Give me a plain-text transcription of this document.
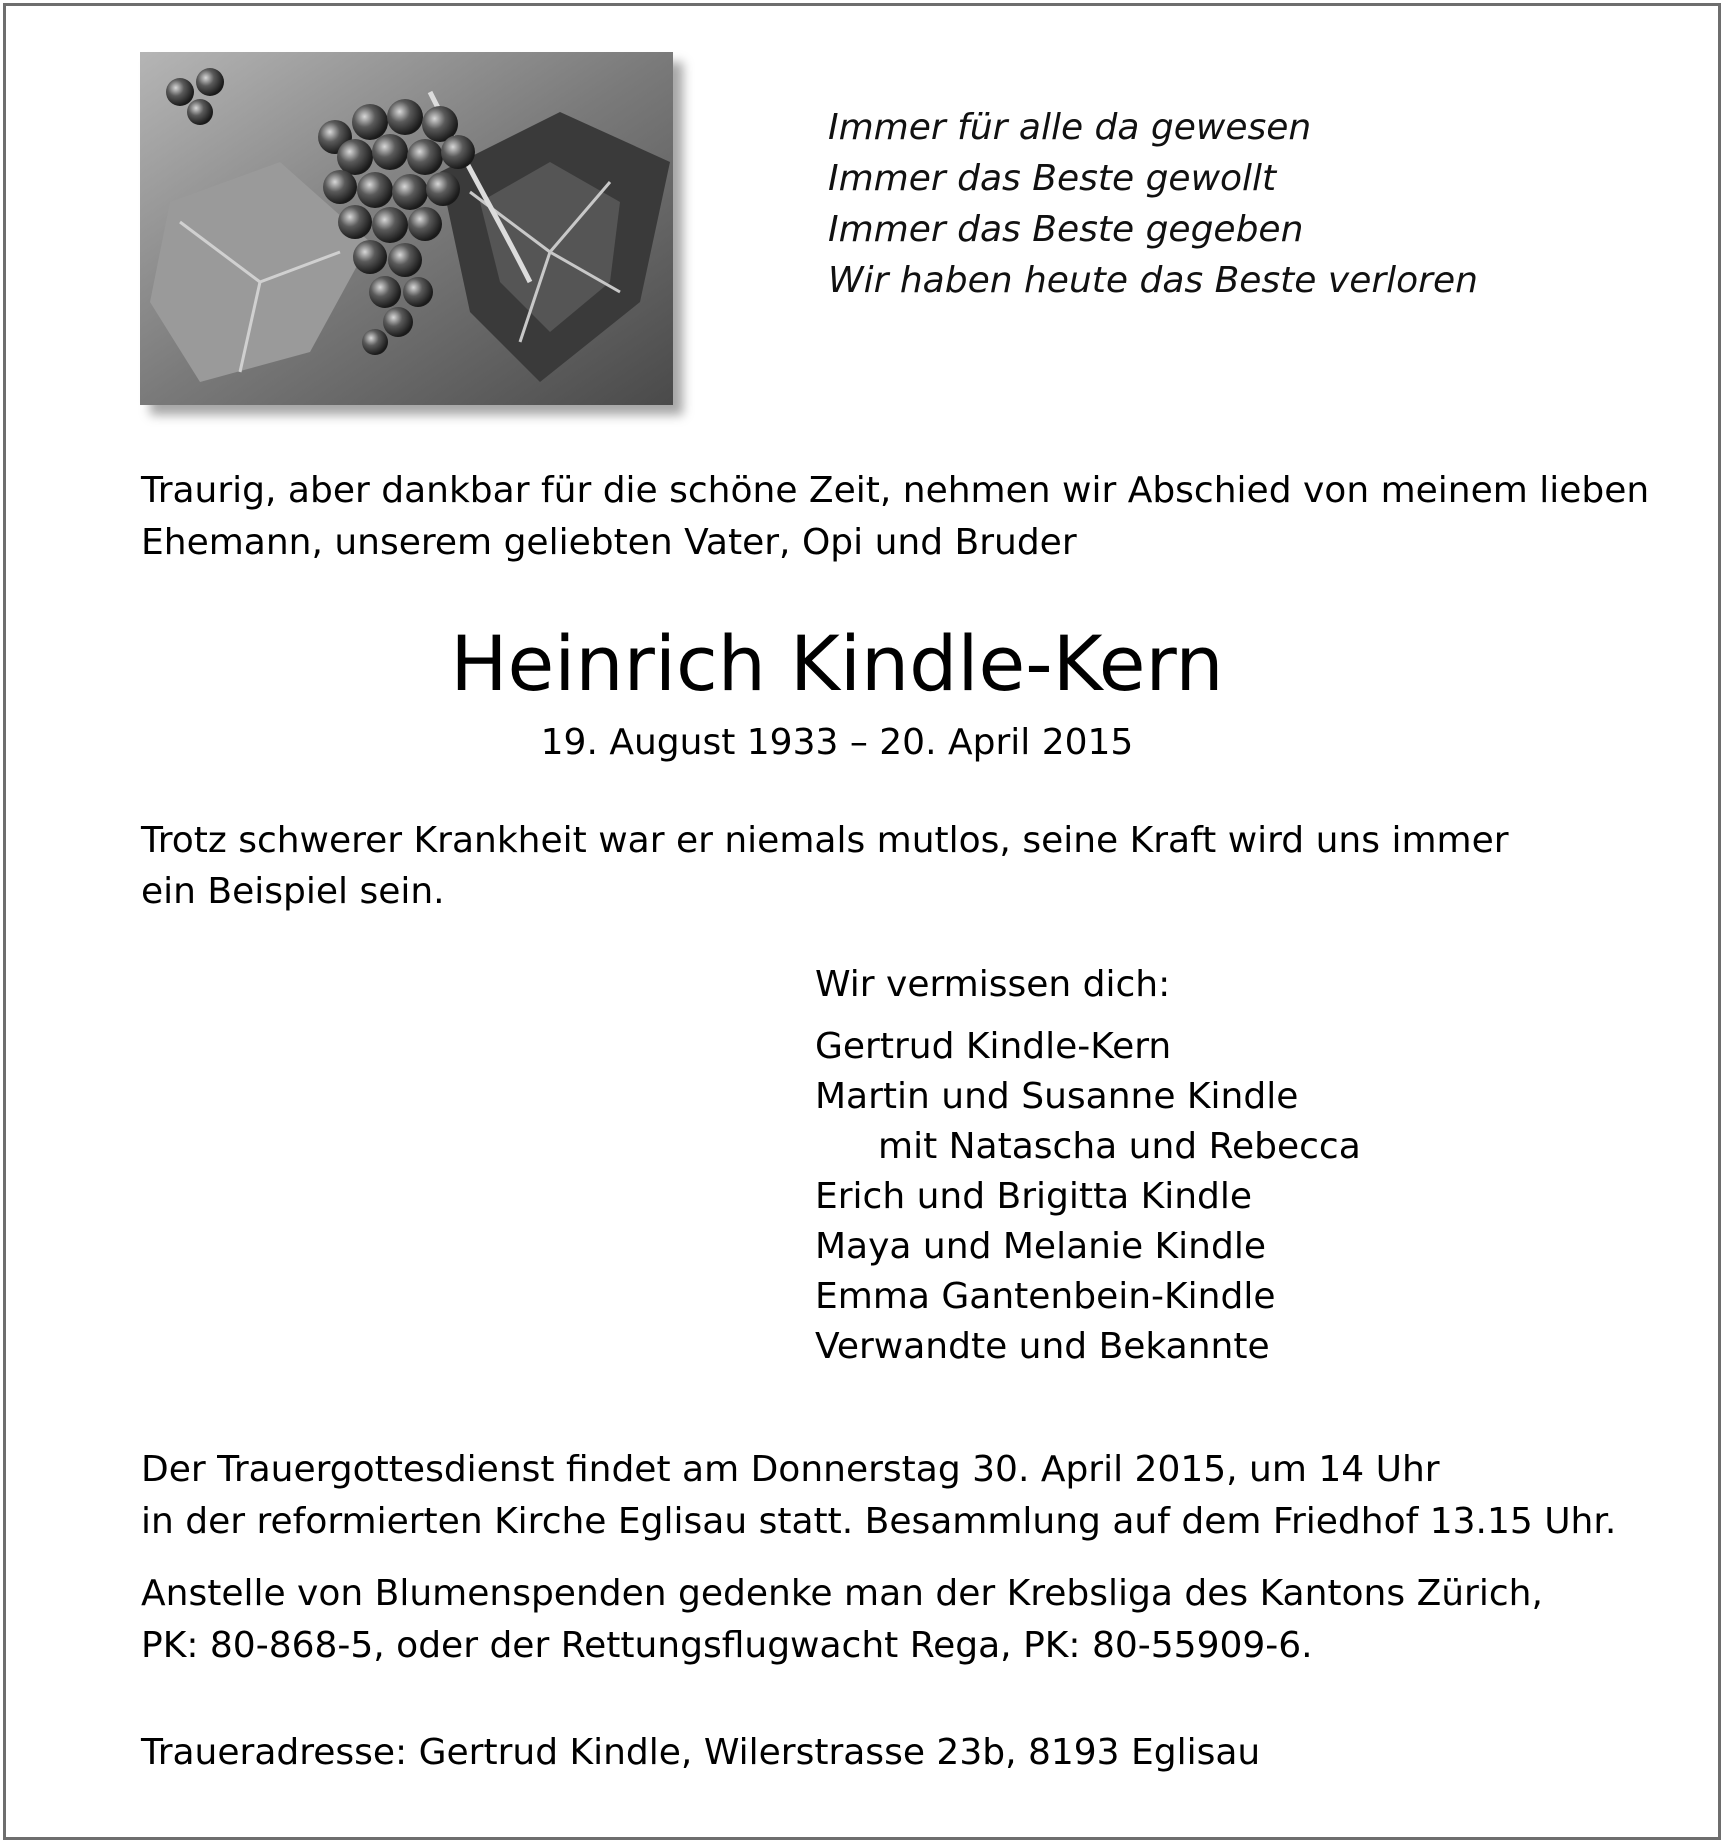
Immer für alle da gewesen
Immer das Beste gewollt
Immer das Beste gegeben
Wir haben heute das Beste verloren
Traurig, aber dankbar für die schöne Zeit, nehmen wir Abschied von meinem lieben
Ehemann, unserem geliebten Vater, Opi und Bruder
Heinrich Kindle-Kern
19. August 1933 – 20. April 2015
Trotz schwerer Krankheit war er niemals mutlos, seine Kraft wird uns immer
ein Beispiel sein.
Wir vermissen dich:
Gertrud Kindle-Kern
Martin und Susanne Kindle
mit Natascha und Rebecca
Erich und Brigitta Kindle
Maya und Melanie Kindle
Emma Gantenbein-Kindle
Verwandte und Bekannte
Der Trauergottesdienst findet am Donnerstag 30. April 2015, um 14 Uhr
in der reformierten Kirche Eglisau statt. Besammlung auf dem Friedhof 13.15 Uhr.
Anstelle von Blumenspenden gedenke man der Krebsliga des Kantons Zürich,
PK: 80-868-5, oder der Rettungsflugwacht Rega, PK: 80-55909-6.
Traueradresse: Gertrud Kindle, Wilerstrasse 23b, 8193 Eglisau
